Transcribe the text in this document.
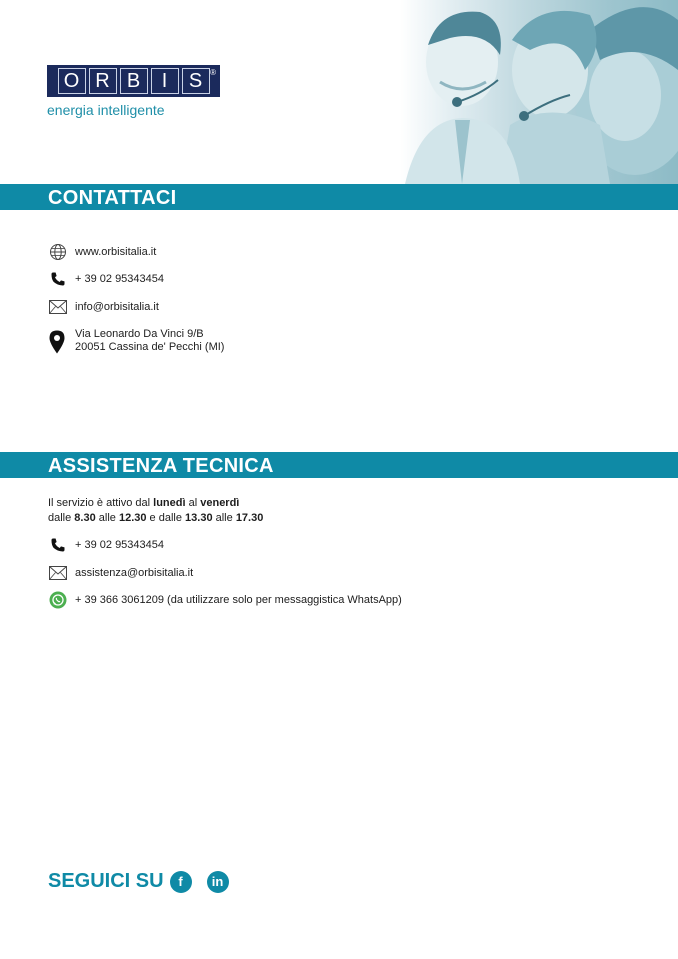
O R B	I	S ®
energia intelligente
CONTATTACI
www.orbisitalia.it
+ 39 02 95343454
info@orbisitalia.it
Via Leonardo Da Vinci 9/B
20051 Cassina de' Pecchi (MI)
ASSISTENZA TECNICA
Il servizio è attivo dal lunedì al venerdì
dalle 8.30 alle 12.30 e dalle 13.30 alle 17.30
+ 39 02 95343454
assistenza@orbisitalia.it
+ 39 366 3061209 (da utilizzare solo per messaggistica WhatsApp)
SEGUICI SU	f	in
